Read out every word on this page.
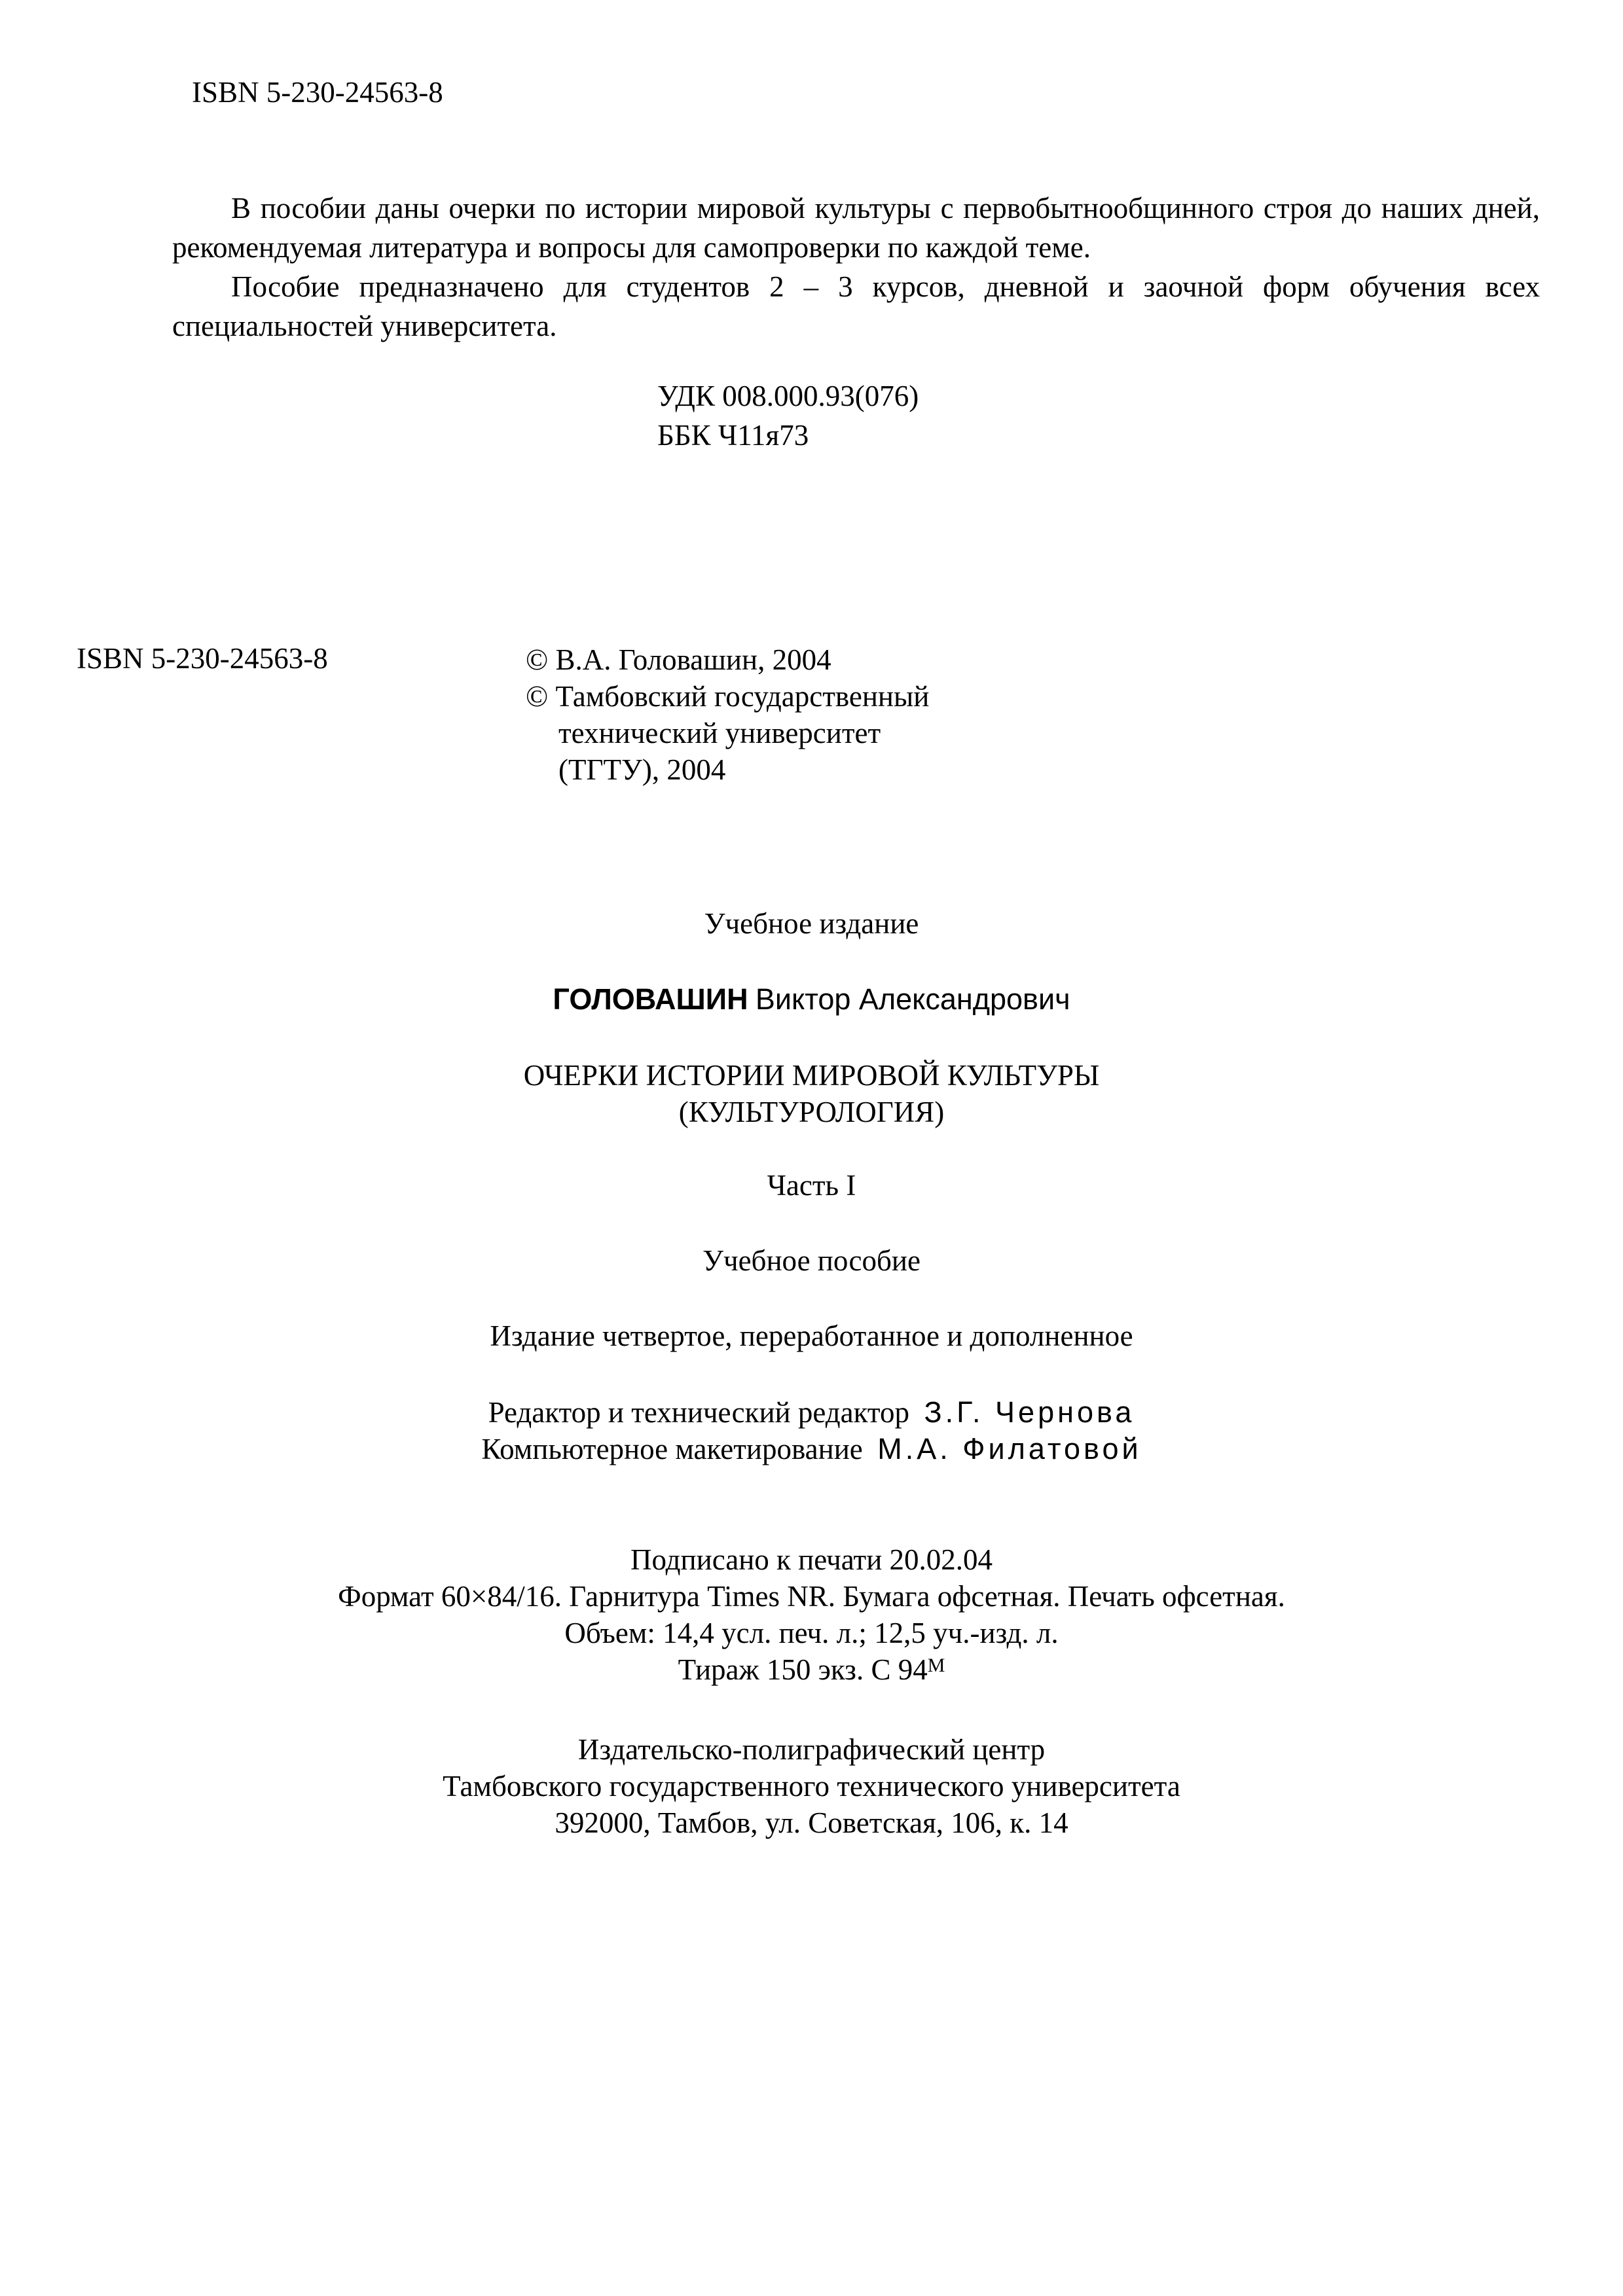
ISBN 5-230-24563-8

В пособии даны очерки по истории мировой культуры с первобытнообщинного строя до наших дней, рекомендуемая литература и вопросы для самопроверки по каждой теме.

Пособие предназначено для студентов 2 – 3 курсов, дневной и заочной форм обучения всех специальностей университета.

УДК 008.000.93(076)
ББК Ч11я73
ISBN 5-230-24563-8	© В.А. Головашин, 2004
© Тамбовский государственный
технический университет
(ТГТУ), 2004
Учебное издание
ГОЛОВАШИН Виктор Александрович
ОЧЕРКИ ИСТОРИИ МИРОВОЙ КУЛЬТУРЫ
(КУЛЬТУРОЛОГИЯ)
Часть I
Учебное пособие
Издание четвертое, переработанное и дополненное
Редактор и технический редактор З.Г. Чернова
Компьютерное макетирование М.А. Филатовой
Подписано к печати 20.02.04
Формат 60×84/16. Гарнитура Times NR. Бумага офсетная. Печать офсетная.
Объем: 14,4 усл. печ. л.; 12,5 уч.-изд. л.
Тираж 150 экз. С $94^М$
Издательско-полиграфический центр
Тамбовского государственного технического университета
392000, Тамбов, ул. Советская, 106, к. 14
